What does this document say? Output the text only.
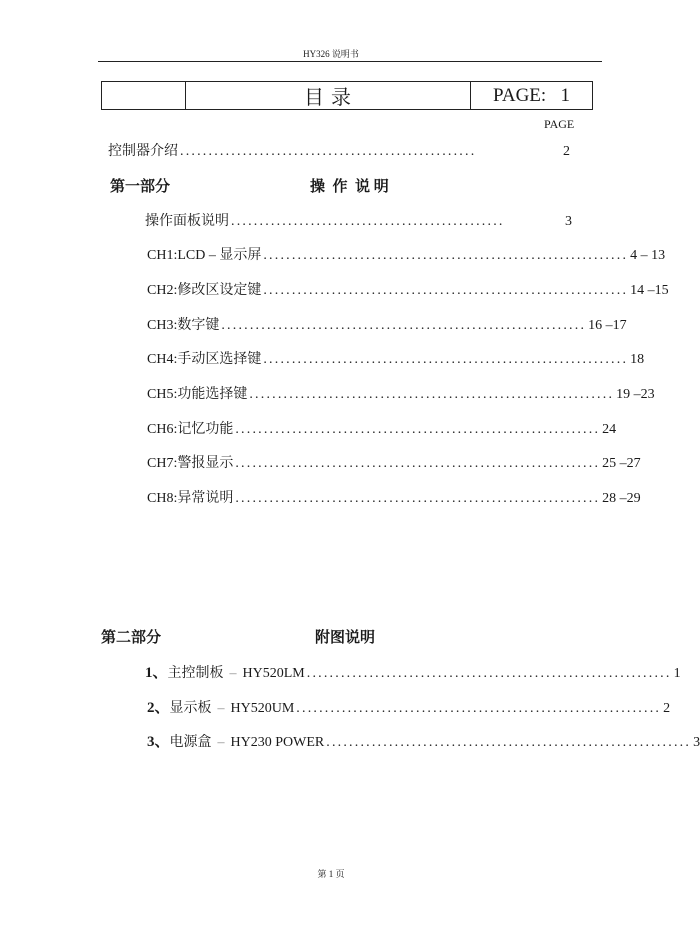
HY326 说明书
目 录	PAGE:   1
PAGE
控制器介绍 ....................................................	2
第一部分	操  作  说 明
操作面板说明 ................................................	3
CH1: LCD – 显示屏 ................................................................ 4 – 13
CH2: 修改区设定键 ................................................................ 14 –15
CH3: 数字键 ................................................................ 16 –17
CH4: 手动区选择键 ................................................................ 18
CH5: 功能选择键 ................................................................ 19 –23
CH6: 记忆功能 ................................................................ 24
CH7: 警报显示 ................................................................ 25 –27
CH8: 异常说明 ................................................................ 28 –29
第二部分	附图说明
1、 主控制板 – HY520LM ................................................................ 1
2、 显示板 – HY520UM ................................................................ 2
3、 电源盒 – HY230 POWER ................................................................ 3
第 1 页
